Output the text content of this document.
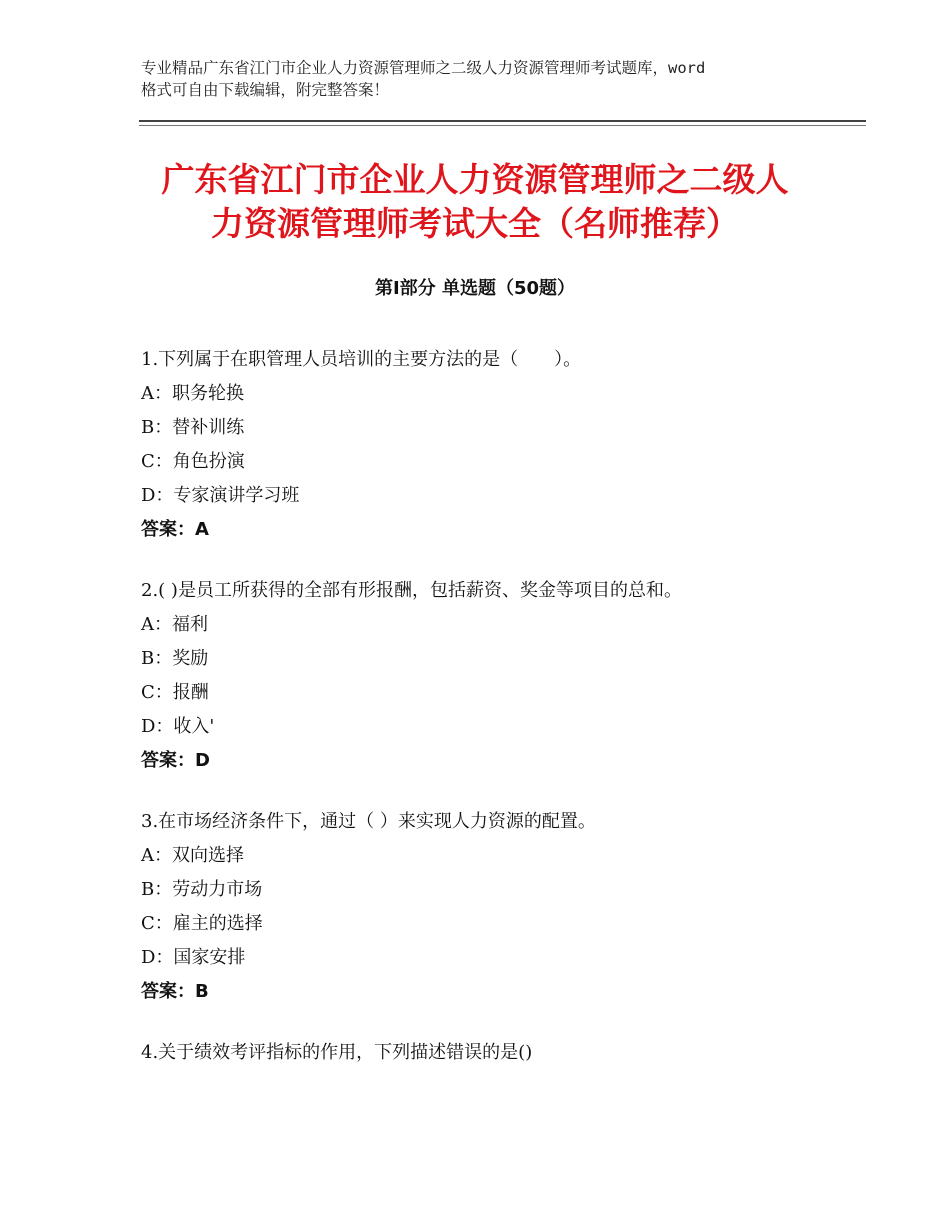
专业精品广东省江门市企业人力资源管理师之二级人力资源管理师考试题库，word
格式可自由下载编辑，附完整答案！
广东省江门市企业人力资源管理师之二级人
力资源管理师考试大全（名师推荐）
第Ⅰ部分 单选题（50题）
1.下列属于在职管理人员培训的主要方法的是（　　）。
A：职务轮换
B：替补训练
C：角色扮演
D：专家演讲学习班
答案：A
2.( )是员工所获得的全部有形报酬，包括薪资、奖金等项目的总和。
A：福利
B：奖励
C：报酬
D：收入'
答案：D
3.在市场经济条件下，通过（ ）来实现人力资源的配置。
A：双向选择
B：劳动力市场
C：雇主的选择
D：国家安排
答案：B
4.关于绩效考评指标的作用，下列描述错误的是()
